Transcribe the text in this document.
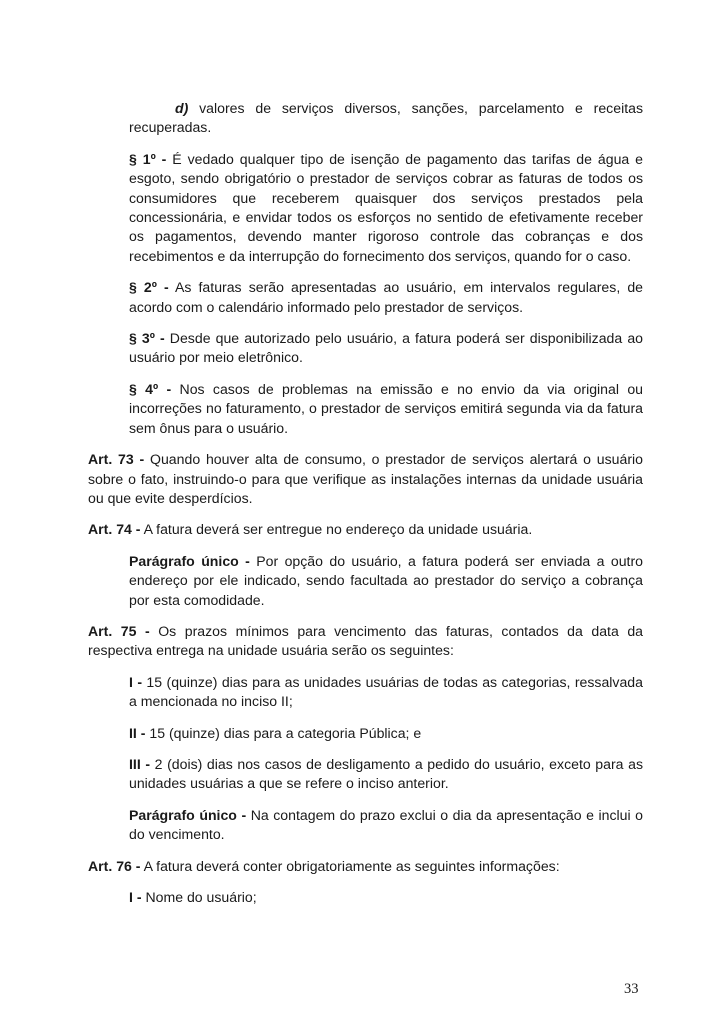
d) valores de serviços diversos, sanções, parcelamento e receitas recuperadas.

§ 1º - É vedado qualquer tipo de isenção de pagamento das tarifas de água e esgoto, sendo obrigatório o prestador de serviços cobrar as faturas de todos os consumidores que receberem quaisquer dos serviços prestados pela concessionária, e envidar todos os esforços no sentido de efetivamente receber os pagamentos, devendo manter rigoroso controle das cobranças e dos recebimentos e da interrupção do fornecimento dos serviços, quando for o caso.

§ 2º - As faturas serão apresentadas ao usuário, em intervalos regulares, de acordo com o calendário informado pelo prestador de serviços.

§ 3º - Desde que autorizado pelo usuário, a fatura poderá ser disponibilizada ao usuário por meio eletrônico.

§ 4º - Nos casos de problemas na emissão e no envio da via original ou incorreções no faturamento, o prestador de serviços emitirá segunda via da fatura sem ônus para o usuário.

Art. 73 - Quando houver alta de consumo, o prestador de serviços alertará o usuário sobre o fato, instruindo-o para que verifique as instalações internas da unidade usuária ou que evite desperdícios.

Art. 74 - A fatura deverá ser entregue no endereço da unidade usuária.

Parágrafo único - Por opção do usuário, a fatura poderá ser enviada a outro endereço por ele indicado, sendo facultada ao prestador do serviço a cobrança por esta comodidade.

Art. 75 - Os prazos mínimos para vencimento das faturas, contados da data da respectiva entrega na unidade usuária serão os seguintes:

I - 15 (quinze) dias para as unidades usuárias de todas as categorias, ressalvada a mencionada no inciso II;

II - 15 (quinze) dias para a categoria Pública; e

III - 2 (dois) dias nos casos de desligamento a pedido do usuário, exceto para as unidades usuárias a que se refere o inciso anterior.

Parágrafo único - Na contagem do prazo exclui o dia da apresentação e inclui o do vencimento.

Art. 76 - A fatura deverá conter obrigatoriamente as seguintes informações:

I - Nome do usuário;

33
